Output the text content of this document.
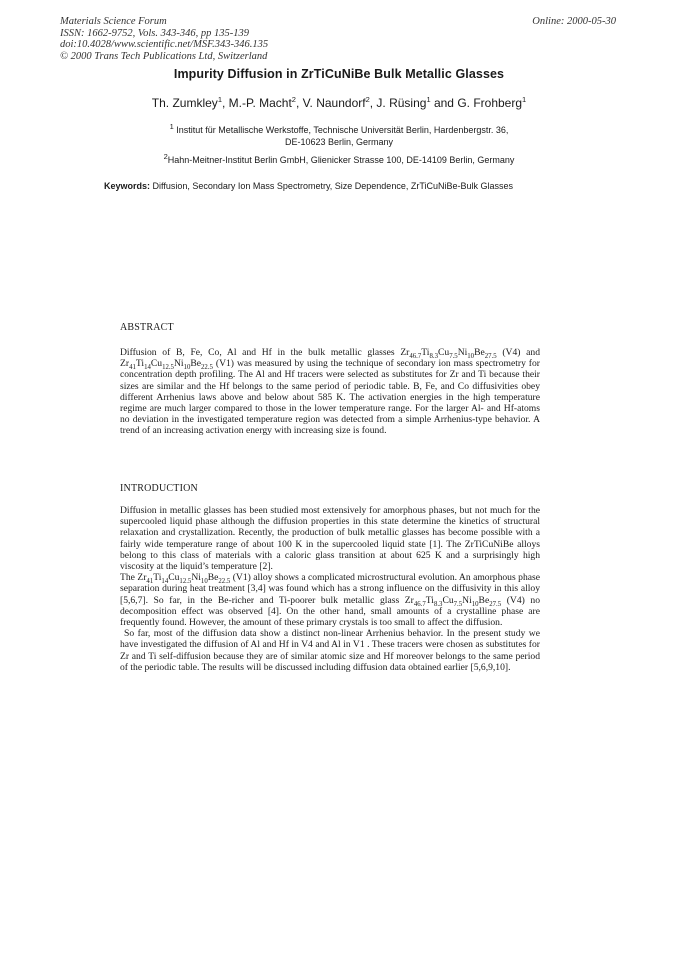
Materials Science Forum
ISSN: 1662-9752, Vols. 343-346, pp 135-139
doi:10.4028/www.scientific.net/MSF.343-346.135
© 2000 Trans Tech Publications Ltd, Switzerland
Online: 2000-05-30
Impurity Diffusion in ZrTiCuNiBe Bulk Metallic Glasses
Th. Zumkley$^1$, M.-P. Macht$^2$, V. Naundorf$^2$, J. Rüsing$^1$ and G. Frohberg$^1$
$^1$ Institut für Metallische Werkstoffe, Technische Universität Berlin, Hardenbergstr. 36,
DE-10623 Berlin, Germany
$^2$Hahn-Meitner-Institut Berlin GmbH, Glienicker Strasse 100, DE-14109 Berlin, Germany
Keywords: Diffusion, Secondary Ion Mass Spectrometry, Size Dependence, ZrTiCuNiBe-Bulk Glasses
ABSTRACT
Diffusion of B, Fe, Co, Al and Hf in the bulk metallic glasses $Zr_{46.7}Ti_{8.3}Cu_{7.5}Ni_{10}Be_{27.5}$ (V4) and $Zr_{41}Ti_{14}Cu_{12.5}Ni_{10}Be_{22.5}$ (V1) was measured by using the technique of secondary ion mass spectrometry for concentration depth profiling. The Al and Hf tracers were selected as substitutes for Zr and Ti because their sizes are similar and the Hf belongs to the same period of periodic table. B, Fe, and Co diffusivities obey different Arrhenius laws above and below about 585 K. The activation energies in the high temperature regime are much larger compared to those in the lower temperature range. For the larger Al- and Hf-atoms no deviation in the investigated temperature region was detected from a simple Arrhenius-type behavior. A trend of an increasing activation energy with increasing size is found.
INTRODUCTION

Diffusion in metallic glasses has been studied most extensively for amorphous phases, but not much for the supercooled liquid phase although the diffusion properties in this state determine the kinetics of structural relaxation and crystallization. Recently, the production of bulk metallic glasses has become possible with a fairly wide temperature range of about 100 K in the supercooled liquid state [1]. The ZrTiCuNiBe alloys belong to this class of materials with a caloric glass transition at about 625 K and a surprisingly high viscosity at the liquid’s temperature [2].

The $Zr_{41}Ti_{14}Cu_{12.5}Ni_{10}Be_{22.5}$ (V1) alloy shows a complicated microstructural evolution. An amorphous phase separation during heat treatment [3,4] was found which has a strong influence on the diffusivity in this alloy [5,6,7]. So far, in the Be-richer and Ti-poorer bulk metallic glass $Zr_{46.7}Ti_{8.3}Cu_{7.5}Ni_{10}Be_{27.5}$ (V4) no decomposition effect was observed [4]. On the other hand, small amounts of a crystalline phase are frequently found. However, the amount of these primary crystals is too small to affect the diffusion.

So far, most of the diffusion data show a distinct non-linear Arrhenius behavior. In the present study we have investigated the diffusion of Al and Hf in V4 and Al in V1 . These tracers were chosen as substitutes for Zr and Ti self-diffusion because they are of similar atomic size and Hf moreover belongs to the same period of the periodic table. The results will be discussed including diffusion data obtained earlier [5,6,9,10].
